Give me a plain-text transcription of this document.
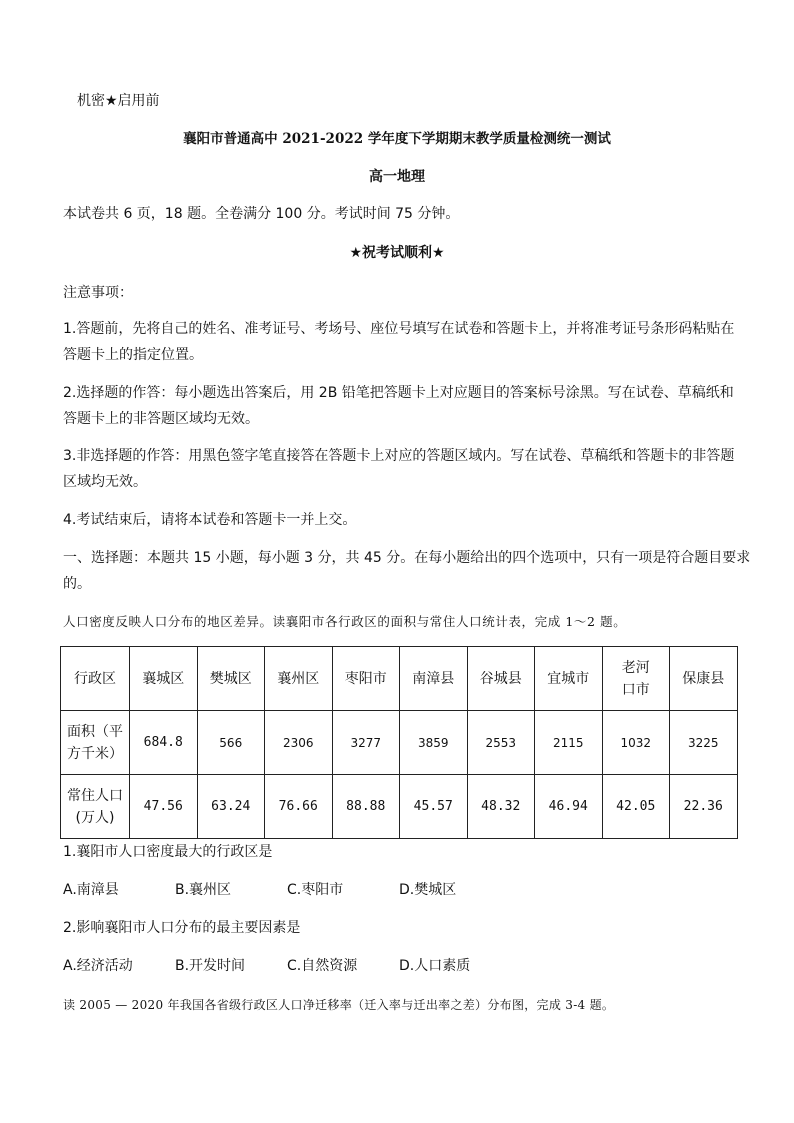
机密★启用前
襄阳市普通高中 2021-2022 学年度下学期期末教学质量检测统一测试
高一地理
本试卷共 6 页，18 题。全卷满分 100 分。考试时间 75 分钟。
★祝考试顺利★
注意事项：
1.答题前，先将自己的姓名、准考证号、考场号、座位号填写在试卷和答题卡上，并将准考证号条形码粘贴在
答题卡上的指定位置。
2.选择题的作答：每小题选出答案后，用 2B 铅笔把答题卡上对应题目的答案标号涂黑。写在试卷、草稿纸和
答题卡上的非答题区域均无效。
3.非选择题的作答：用黑色签字笔直接答在答题卡上对应的答题区域内。写在试卷、草稿纸和答题卡的非答题
区域均无效。
4.考试结束后，请将本试卷和答题卡一并上交。
一、选择题：本题共 15 小题，每小题 3 分，共 45 分。在每小题给出的四个选项中，只有一项是符合题目要求
的。
人口密度反映人口分布的地区差异。读襄阳市各行政区的面积与常住人口统计表，完成 1～2 题。
行政区	襄城区	樊城区	襄州区	枣阳市	南漳县	谷城县	宜城市	老河口市	保康县
面积（平方千米）	684.8	566	2306	3277	3859	2553	2115	1032	3225
常住人口(万人)	47.56	63.24	76.66	88.88	45.57	48.32	46.94	42.05	22.36
1.襄阳市人口密度最大的行政区是
A.南漳县	B.襄州区	C.枣阳市	D.樊城区
2.影响襄阳市人口分布的最主要因素是
A.经济活动	B.开发时间	C.自然资源	D.人口素质
读 2005 — 2020 年我国各省级行政区人口净迁移率（迁入率与迁出率之差）分布图，完成 3-4 题。
